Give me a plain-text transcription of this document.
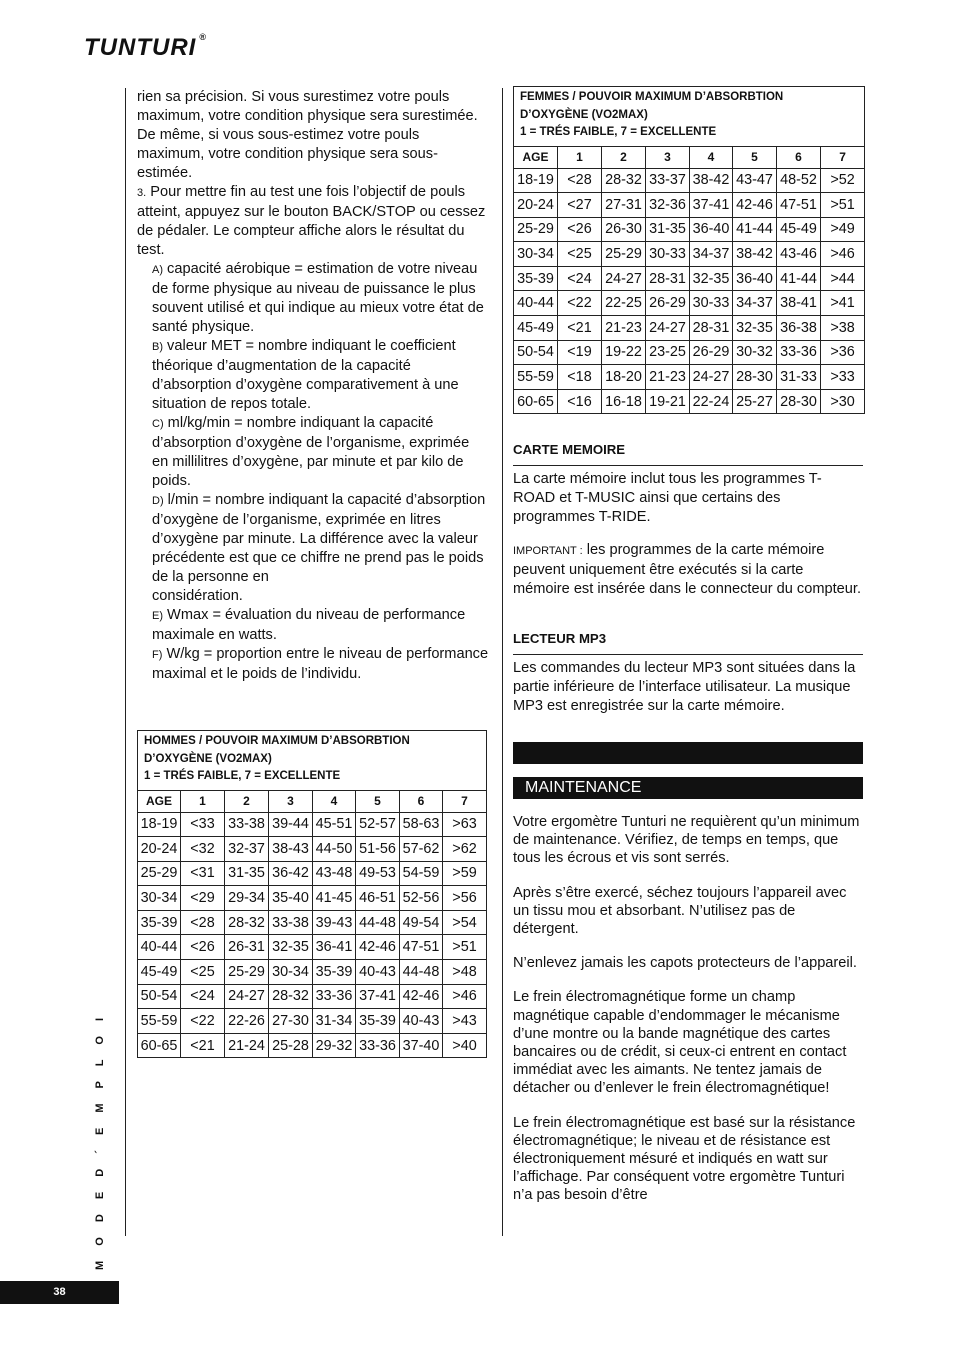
TUNTURI ®

rien sa précision. Si vous surestimez votre pouls maximum, votre condition physique sera surestimée. De même, si vous sous-estimez votre pouls maximum, votre condition physique sera sous-estimée.

3. Pour mettre fin au test une fois l’objectif de pouls atteint, appuyez sur le bouton BACK/STOP ou cessez de pédaler. Le compteur affiche alors le résultat du test.

A) capacité aérobique = estimation de votre niveau de forme physique au niveau de puissance le plus souvent utilisé et qui indique au mieux votre état de santé physique.

B) valeur MET = nombre indiquant le coefficient théorique d’augmentation de la capacité d’absorption d’oxygène comparativement à une situation de repos totale.

C) ml/kg/min = nombre indiquant la capacité d’absorption d’oxygène de l’organisme, exprimée en millilitres d’oxygène, par minute et par kilo de poids.

D) l/min = nombre indiquant la capacité d’absorption d’oxygène de l’organisme, exprimée en litres d’oxygène par minute. La différence avec la valeur précédente est que ce chiffre ne prend pas le poids de la personne en

considération.

E) Wmax = évaluation du niveau de performance maximale en watts.

F) W/kg = proportion entre le niveau de performance maximal et le poids de l’individu.

HOMMES / POUVOIR MAXIMUM D’ABSORBTION
D’OXYGÈNE (VO2MAX)
1 = TRÉS FAIBLE, 7 = EXCELLENTE							

AGE	1	2	3	4	5	6	7
18-19	<33	33-38	39-44	45-51	52-57	58-63	>63
20-24	<32	32-37	38-43	44-50	51-56	57-62	>62
25-29	<31	31-35	36-42	43-48	49-53	54-59	>59
30-34	<29	29-34	35-40	41-45	46-51	52-56	>56
35-39	<28	28-32	33-38	39-43	44-48	49-54	>54
40-44	<26	26-31	32-35	36-41	42-46	47-51	>51
45-49	<25	25-29	30-34	35-39	40-43	44-48	>48
50-54	<24	24-27	28-32	33-36	37-41	42-46	>46
55-59	<22	22-26	27-30	31-34	35-39	40-43	>43
60-65	<21	21-24	25-28	29-32	33-36	37-40	>40
FEMMES / POUVOIR MAXIMUM D’ABSORBTION
D’OXYGÈNE (VO2MAX)
1 = TRÉS FAIBLE, 7 = EXCELLENTE							

AGE	1	2	3	4	5	6	7
18-19	<28	28-32	33-37	38-42	43-47	48-52	>52
20-24	<27	27-31	32-36	37-41	42-46	47-51	>51
25-29	<26	26-30	31-35	36-40	41-44	45-49	>49
30-34	<25	25-29	30-33	34-37	38-42	43-46	>46
35-39	<24	24-27	28-31	32-35	36-40	41-44	>44
40-44	<22	22-25	26-29	30-33	34-37	38-41	>41
45-49	<21	21-23	24-27	28-31	32-35	36-38	>38
50-54	<19	19-22	23-25	26-29	30-32	33-36	>36
55-59	<18	18-20	21-23	24-27	28-30	31-33	>33
60-65	<16	16-18	19-21	22-24	25-27	28-30	>30
CARTE MEMOIRE

La carte mémoire inclut tous les programmes T-ROAD et T-MUSIC ainsi que certains des programmes T-RIDE.

IMPORTANT : les programmes de la carte mémoire peuvent uniquement être exécutés si la carte mémoire est insérée dans le connecteur du compteur.

LECTEUR MP3

Les commandes du lecteur MP3 sont situées dans la partie inférieure de l’interface utilisateur. La musique MP3 est enregistrée sur la carte mémoire.

MAINTENANCE

Votre ergomètre Tunturi ne requièrent qu’un minimum de maintenance. Vérifiez, de temps en temps, que tous les écrous et vis sont serrés.

Après s’être exercé, séchez toujours l’appareil avec un tissu mou et absorbant. N’utilisez pas de détergent.

N’enlevez jamais les capots protecteurs de l’appareil.

Le frein électromagnétique forme un champ magnétique capable d’endommager le mécanisme d’une montre ou la bande magnétique des cartes bancaires ou de crédit, si ceux-ci entrent en contact immédiat avec les aimants. Ne tentez jamais de détacher ou d’enlever le frein électromagnétique!

Le frein électromagnétique est basé sur la résistance électromagnétique; le niveau et de résistance est électroniquement mésuré et indiqués en watt sur l’affichage. Par conséquent votre ergomètre Tunturi n’a pas besoin d’être

M O D E D ´ E M P L O I
38
